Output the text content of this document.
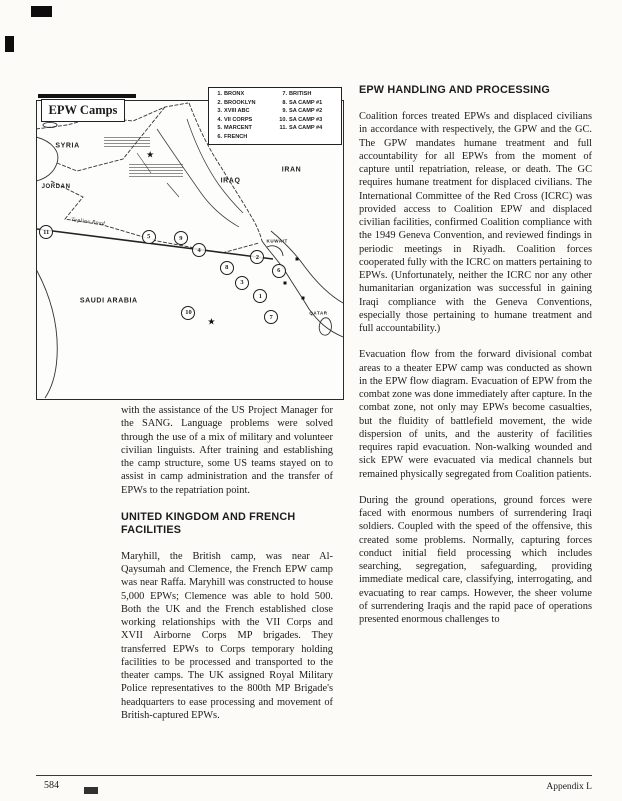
EPW Camps
1. BRONX
2. BROOKLYN
3. XVIII ABC
4. VII CORPS
5. MARCENT
6. FRENCH
7. BRITISH
8. SA CAMP #1
9. SA CAMP #2
10. SA CAMP #3
11. SA CAMP #4
Tapline Road
11
5	9
4
8
2
6
3
1
10
7
SYRIA
JORDAN
IRAQ
IRAN
SAUDI ARABIA
KUWAIT
QATAR
★
★

with the assistance of the US Project Manager for the SANG. Language problems were solved through the use of a mix of military and volunteer civilian linguists. After training and establishing the camp structure, some US teams stayed on to assist in camp administration and the transfer of EPWs to the repatriation point.

UNITED KINGDOM AND FRENCH FACILITIES

Maryhill, the British camp, was near Al-Qaysumah and Clemence, the French EPW camp was near Raffa. Maryhill was constructed to house 5,000 EPWs; Clemence was able to hold 500. Both the UK and the French established close working relationships with the VII Corps and XVII Airborne Corps MP brigades. They transferred EPWs to Corps temporary holding facilities to be processed and transported to the theater camps. The UK assigned Royal Military Police representatives to the 800th MP Brigade's headquarters to ease processing and movement of British-captured EPWs.

EPW HANDLING AND PROCESSING

Coalition forces treated EPWs and displaced civilians in accordance with respectively, the GPW and the GC. The GPW mandates humane treatment and full accountability for all EPWs from the moment of capture until repatriation, release, or death. The GC requires humane treatment for displaced civilians. The International Committee of the Red Cross (ICRC) was provided access to Coalition EPW and displaced civilian facilities, confirmed Coalition compliance with the 1949 Geneva Convention, and reviewed findings in periodic meetings in Riyadh. Coalition forces cooperated fully with the ICRC on matters pertaining to EPWs. (Unfortunately, neither the ICRC nor any other humanitarian organization was successful in gaining Iraqi compliance with the Geneva Conventions, especially those pertaining to humane treatment and full accountability.)

Evacuation flow from the forward divisional combat areas to a theater EPW camp was conducted as shown in the EPW flow diagram. Evacuation of EPW from the combat zone was done immediately after capture. In the combat zone, not only may EPWs become casualties, but the fluidity of battlefield movement, the wide dispersion of units, and the austerity of facilities requires rapid evacuation. Non-walking wounded and sick EPW were evacuated via medical channels but remained physically segregated from Coalition patients.

During the ground operations, ground forces were faced with enormous numbers of surrendering Iraqi soldiers. Coupled with the speed of the offensive, this created some problems. Normally, capturing forces conduct initial field processing which includes searching, segregation, safeguarding, providing immediate medical care, classifying, interrogating, and evacuating to rear camps. However, the sheer volume of surrendering Iraqis and the rapid pace of operations presented enormous challenges to

584	Appendix L
